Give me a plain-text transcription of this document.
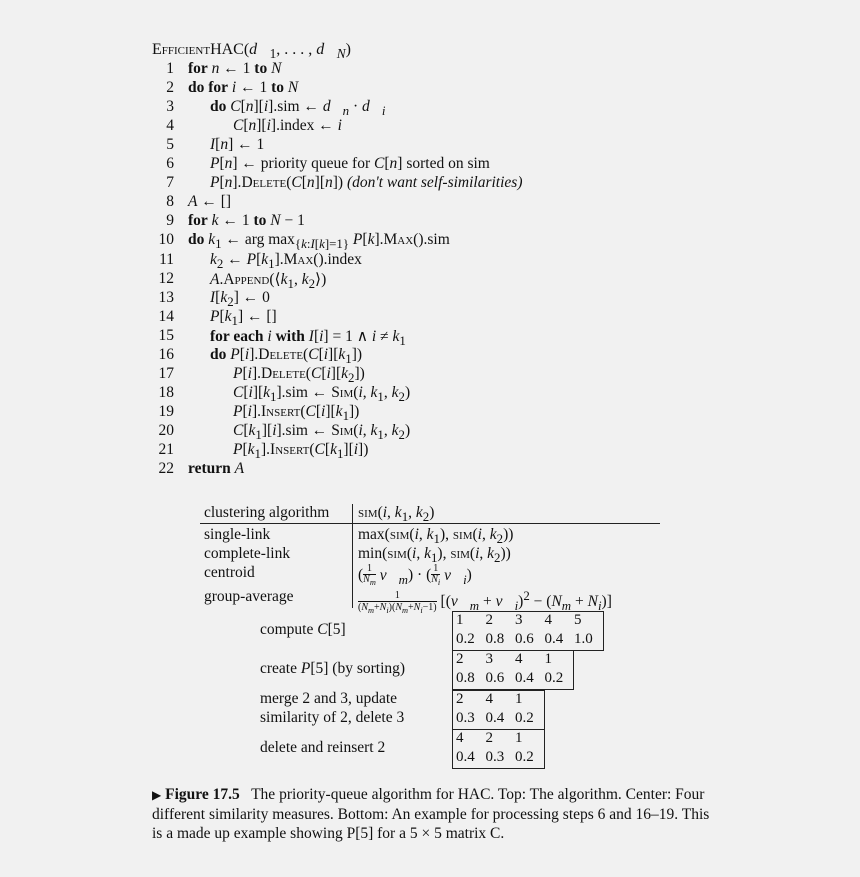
$EfficientHAC(d⃗_1$, . . . , $d⃗_N$)
1 for n ← 1 to N
2 do for i ← 1 to N
3 do C[n][i].sim ← $d⃗_n$ · $d⃗_i$
4	C[n][i].index ← i
5 I[n] ← 1
6 P[n] ← priority queue for C[n] sorted on sim
7 P[n].Delete(C[n][n]) (don't want self-similarities)
8 A ← []
9 for k ← 1 to N − 1
10 do $k_1$ ← arg $\max_{\{k:I[k]=1\}} P[k].Max().sim$
11 $k_2$ ← $P[k_1].Max().index$
12 $A.Append(⟨k_1$, $k_2⟩$)
13 $I[k_2]$ ← 0
14 $P[k_1]$ ← []
15 for each i with I[i] = 1 ∧ $i \ne k_1$
16 do $P[i].Delete(C[i][k_1])$
17	$P[i].Delete(C[i][k_2])$
18	$C[i][k_1].sim$ ← Sim(i, $k_1$, $k_2$)
19	$P[i].Insert(C[i][k_1])$
20	$C[k_1][i].sim$ ← Sim(i, $k_1$, $k_2$)
21	$P[k_1].Insert(C[k_1][i])$
22 return A
clustering algorithm sim(i, $k_1$, $k_2$)
single-link	max(sim(i, $k_1$), sim(i, $k_2$))
complete-link	min(sim(i, $k_1$), sim(i, $k_2$))
centroid	( $\frac{1}{N_m}$ $v⃗_m$) · ( $\frac{1}{N_i}$ $v⃗_i$)
group-average	$\frac{1}{(N_m+N_i)(N_m+N_i-1)}$ [($v⃗_m$ + $v⃗_i)^2 - (N_m + N_i)$]
compute C[5]
1	2	3	4	5
0.2 0.8 0.6 0.4 1.0
create P[5] (by sorting)
2	3	4	1
0.8 0.6 0.4 0.2
merge 2 and 3, update
similarity of 2, delete 3
2	4	1
0.3 0.4 0.2
delete and reinsert 2
4	2	1
0.4 0.3 0.2
▶ Figure 17.5 The priority-queue algorithm for HAC. Top: The algorithm. Center: Four different similarity measures. Bottom: An example for processing steps 6 and 16–19. This is a made up example showing P[5] for a 5 × 5 matrix C.
